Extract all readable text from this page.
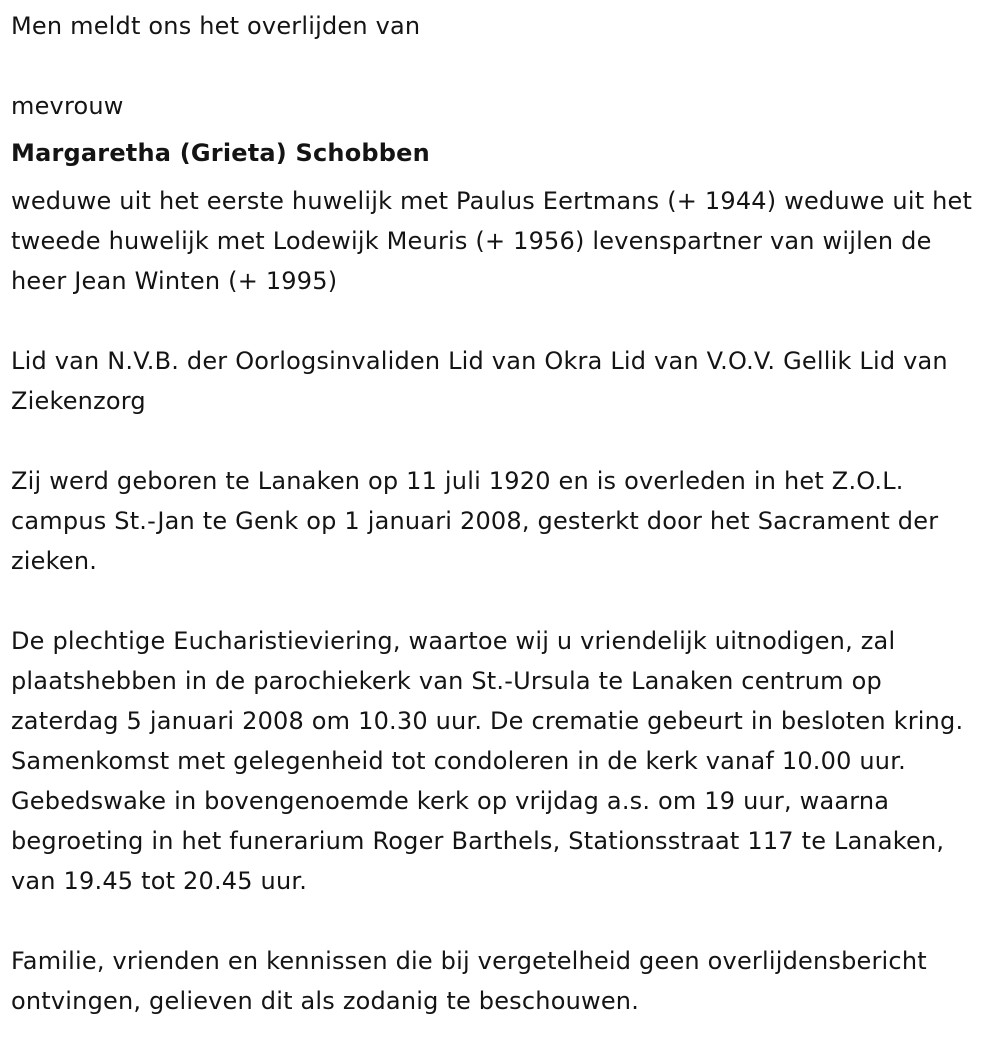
Men meldt ons het overlijden van

mevrouw

Margaretha (Grieta) Schobben

weduwe uit het eerste huwelijk met Paulus Eertmans (+ 1944) weduwe uit het tweede huwelijk met Lodewijk Meuris (+ 1956) levenspartner van wijlen de heer Jean Winten (+ 1995)

Lid van N.V.B. der Oorlogsinvaliden Lid van Okra Lid van V.O.V. Gellik Lid van Ziekenzorg

Zij werd geboren te Lanaken op 11 juli 1920 en is overleden in het Z.O.L. campus St.-Jan te Genk op 1 januari 2008, gesterkt door het Sacrament der zieken.

De plechtige Eucharistieviering, waartoe wij u vriendelijk uitnodigen, zal plaatshebben in de parochiekerk van St.-Ursula te Lanaken centrum op zaterdag 5 januari 2008 om 10.30 uur. De crematie gebeurt in besloten kring. Samenkomst met gelegenheid tot condoleren in de kerk vanaf 10.00 uur. Gebedswake in bovengenoemde kerk op vrijdag a.s. om 19 uur, waarna begroeting in het funerarium Roger Barthels, Stationsstraat 117 te Lanaken, van 19.45 tot 20.45 uur.

Familie, vrienden en kennissen die bij vergetelheid geen overlijdensbericht ontvingen, gelieven dit als zodanig te beschouwen.
